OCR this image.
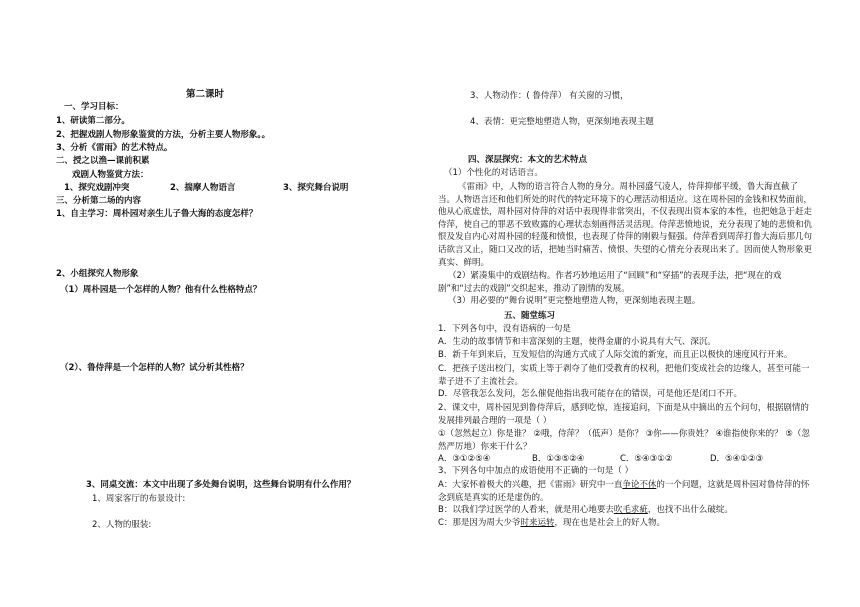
第二课时
一、学习目标：
1、研读第二部分。
2、把握戏剧人物形象鉴赏的方法，分析主要人物形象。。
3、分析《雷雨》的艺术特点。
二、授之以渔—课前积累
戏剧人物鉴赏方法：
1、探究戏剧冲突	2、揣摩人物语言	3、探究舞台说明
三、分析第二场的内容
1、自主学习：周朴园对亲生儿子鲁大海的态度怎样？
2、小组探究人物形象
（1）周朴园是一个怎样的人物？他有什么性格特点？
（2）、鲁侍萍是一个怎样的人物？试分析其性格？
3、同桌交流：本文中出现了多处舞台说明，这些舞台说明有什么作用？
1、周家客厅的布景设计:
2、人物的服装:
3、人物动作：( 鲁侍萍） 有关窗的习惯，
4、表情：更完整地塑造人物，更深刻地表现主题
四、深层探究：本文的艺术特点
（1）个性化的对话语言。
《雷雨》中，人物的语言符合人物的身分。周朴园盛气凌人，侍萍抑郁平缓，鲁大海直截了当。人物语言还和他们所处的时代的特定环境下的心理活动相适应。这在周朴园的金钱和权势面前，他从心底虚怯，周朴园对侍萍的对话中表现得非常突出，不仅表现出资本家的本性，也把她急于赶走侍萍，使自己的罪恶不致败露的心理状态刻画得活灵活现。侍萍悲愤地说，充分表现了她的悲愤和仇恨及发自内心对周朴园的轻蔑和愤恨，也表现了侍萍的刚毅与倔强。侍萍看到周萍打鲁大海后那几句话欲言又止，随口又改的话，把她当时痛苦、愤恨、失望的心情充分表现出来了。因而使人物形象更真实、鲜明。
（2）紧凑集中的戏剧结构。作者巧妙地运用了“回顾”和“穿插”的表现手法，把“现在的戏剧”和“过去的戏剧”交织起来，推动了剧情的发展。
（3）用必要的“舞台说明”更完整地塑造人物，更深刻地表现主题。
五、随堂练习
1．下列各句中，没有语病的一句是
A．生动的故事情节和丰富深刻的主题，使得金庸的小说具有大气、深沉。
B．新千年到来后，互发短信的沟通方式成了人际交流的新宠，而且正以极快的速度风行开来。
C．把孩子送出校门，实质上等于剥夺了他们受教育的权利，把他们变成社会的边缘人，甚至可能一辈子进不了主流社会。
D．尽管我怎么发问，怎么催促他指出我可能存在的错误，可是他还是闭口不开。
2、课文中，周朴园见到鲁侍萍后，感到吃惊，连接追问，下面是从中摘出的五个问句，根据剧情的发展排列最合理的一项是（ ）
①（忽然起立）你是谁？ ②哦，侍萍？（低声）是你？ ③你——你贵姓？ ④谁指使你来的？ ⑤（忽然严厉地）你来干什么？
A．③①②⑤④	B．①③⑤②④	C．⑤④③①②	D．⑤④①②③
3、下列各句中加点的成语使用不正确的一句是（ ）
A：大家怀着极大的兴趣，把《雷雨》研究中一直争论不休的一个问题，这就是周朴园对鲁侍萍的怀念到底是真实的还是虚伪的。
B：以我们学过医学的人看来，就是用心地要去吹毛求疵，也找不出什么破绽。
C：那是因为周大少爷时来运转，现在也是社会上的好人物。
